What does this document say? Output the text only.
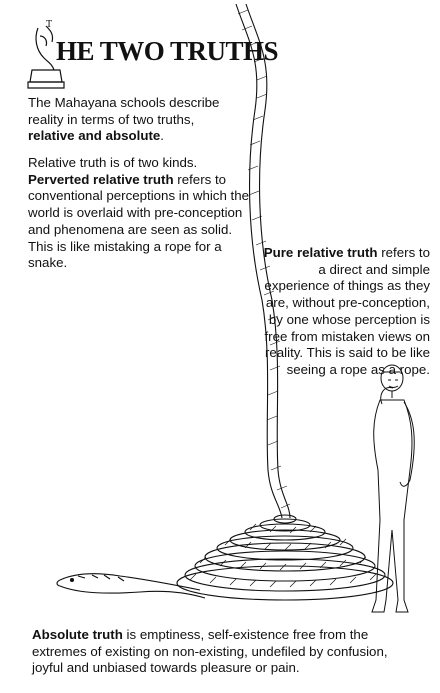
T
HE TWO TRUTHS

The Mahayana schools describe reality in terms of two truths, relative and absolute.

Relative truth is of two kinds.
Perverted relative truth refers to conventional perceptions in which the world is overlaid with pre-conception and phenomena are seen as solid. This is like mistaking a rope for a snake.

Pure relative truth refers to a direct and simple experience of things as they are, without pre-conception, by one whose perception is free from mistaken views on reality. This is said to be like seeing a rope as a rope.

Absolute truth is emptiness, self-existence free from the extremes of existing on non-existing, undefiled by confusion, joyful and unbiased towards pleasure or pain.
